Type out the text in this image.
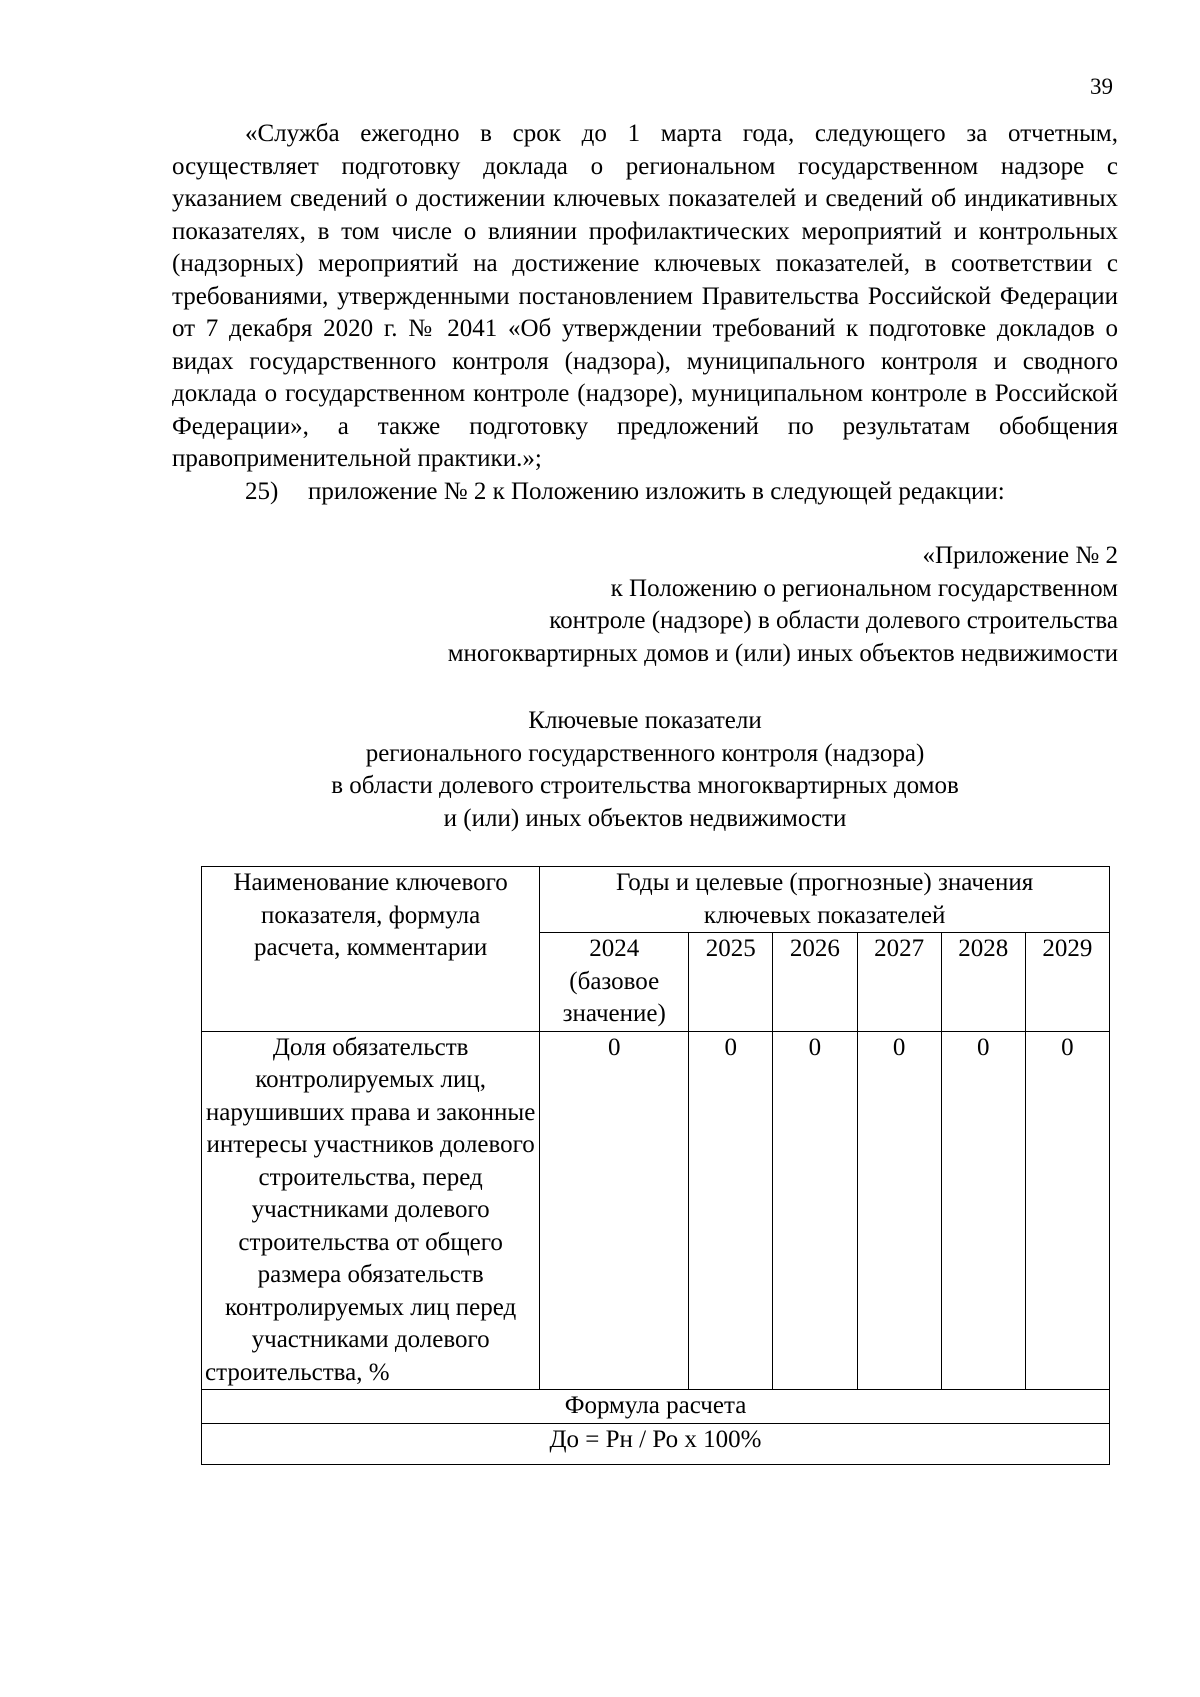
39

«Служба ежегодно в срок до 1 марта года, следующего за отчетным, осуществляет подготовку доклада о региональном государственном надзоре с указанием сведений о достижении ключевых показателей и сведений об индикативных показателях, в том числе о влиянии профилактических мероприятий и контрольных (надзорных) мероприятий на достижение ключевых показателей, в соответствии с требованиями, утвержденными постановлением Правительства Российской Федерации от 7 декабря 2020 г. № 2041 «Об утверждении требований к подготовке докладов о видах государственного контроля (надзора), муниципального контроля и сводного доклада о государственном контроле (надзоре), муниципальном контроле в Российской Федерации», а также подготовку предложений по результатам обобщения правоприменительной практики.»;

25) приложение № 2 к Положению изложить в следующей редакции:

«Приложение № 2
к Положению о региональном государственном
контроле (надзоре) в области долевого строительства
многоквартирных домов и (или) иных объектов недвижимости
Ключевые показатели
регионального государственного контроля (надзора)
в области долевого строительства многоквартирных домов
и (или) иных объектов недвижимости
Наименование ключевого показателя, формула расчета, комментарии	Годы и целевые (прогнозные) значения ключевых показателей					
	2024 (базовое значение)	2025	2026	2027	2028	2029
Доля обязательств контролируемых лиц, нарушивших права и законные интересы участников долевого строительства, перед участниками долевого строительства от общего размера обязательств контролируемых лиц перед участниками долевого строительства, %	0	0	0	0	0	0
Формула расчета						
До = Рн / Ро х 100%						
